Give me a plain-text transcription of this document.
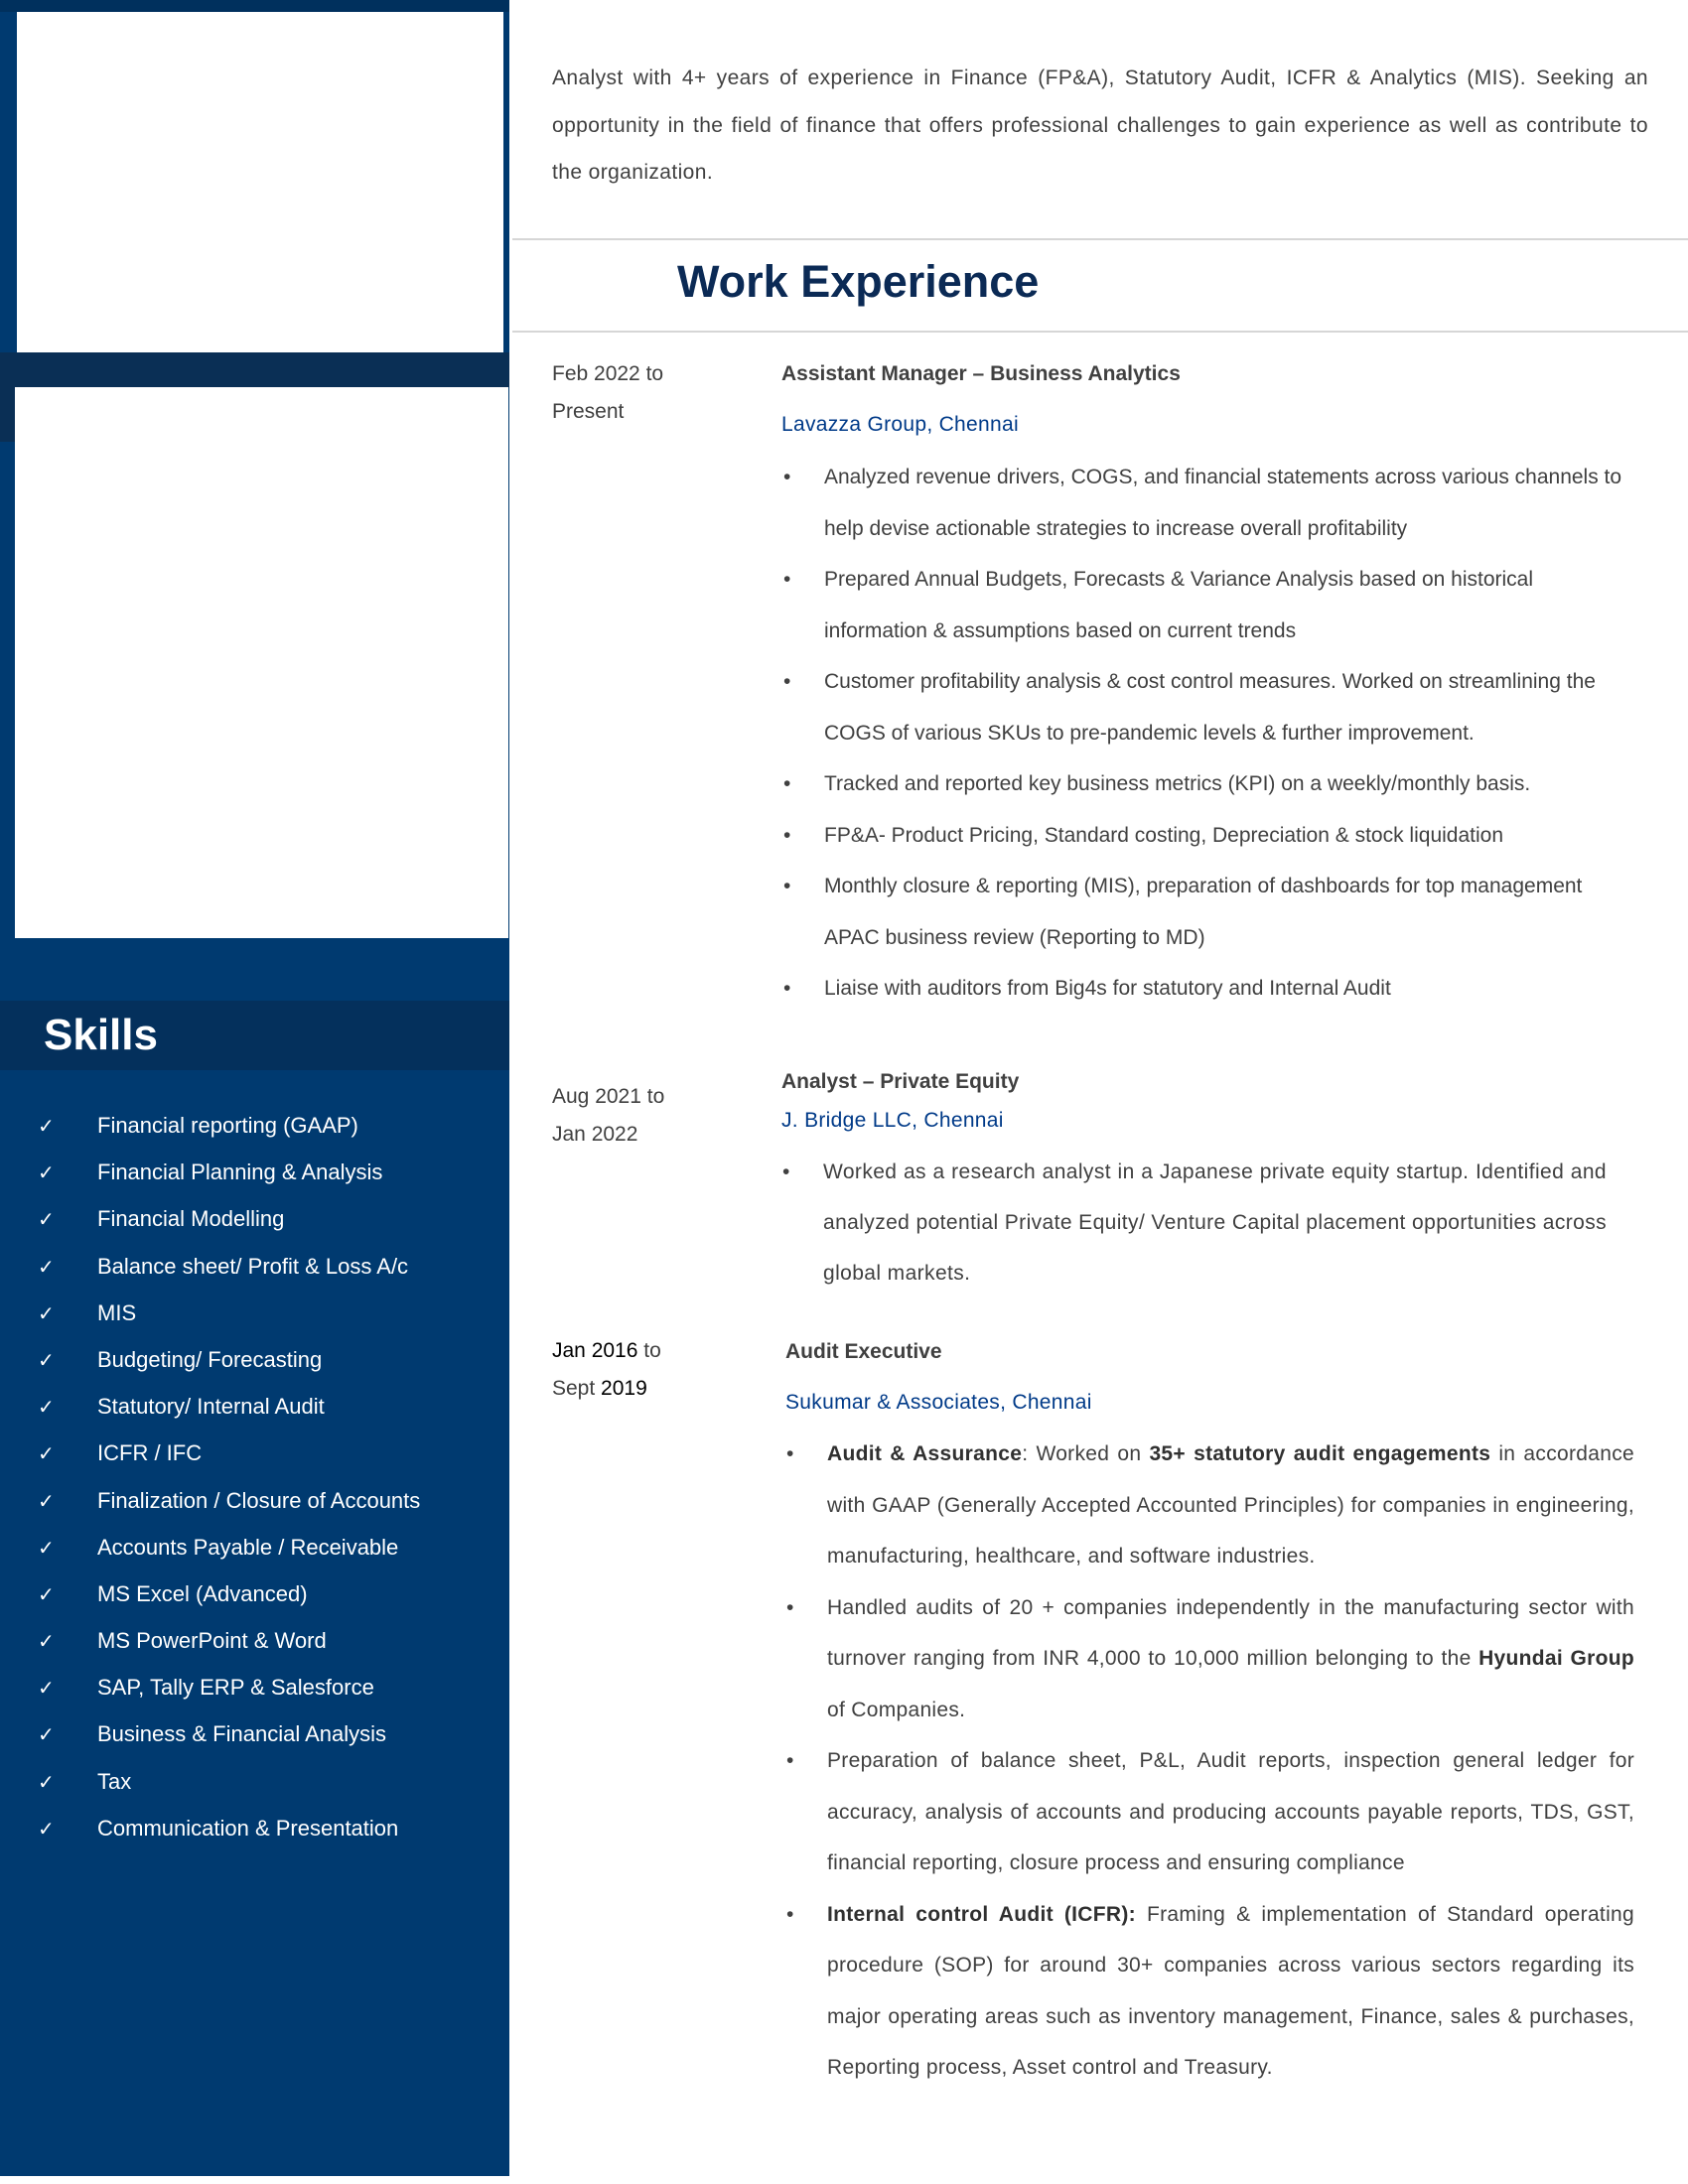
Skills
✓ Financial reporting (GAAP)
✓ Financial Planning & Analysis
✓ Financial Modelling
✓ Balance sheet/ Profit & Loss A/c
✓ MIS
✓ Budgeting/ Forecasting
✓ Statutory/ Internal Audit
✓ ICFR / IFC
✓ Finalization / Closure of Accounts
✓ Accounts Payable / Receivable
✓ MS Excel (Advanced)
✓ MS PowerPoint & Word
✓ SAP, Tally ERP & Salesforce
✓ Business & Financial Analysis
✓ Tax
✓ Communication & Presentation

Analyst with 4+ years of experience in Finance (FP&A), Statutory Audit, ICFR & Analytics (MIS). Seeking an opportunity in the field of finance that offers professional challenges to gain experience as well as contribute to the organization.

Work Experience
Feb 2022 to
Present
Assistant Manager – Business Analytics
Lavazza Group, Chennai
• Analyzed revenue drivers, COGS, and financial statements across various channels to help devise actionable strategies to increase overall profitability
• Prepared Annual Budgets, Forecasts & Variance Analysis based on historical information & assumptions based on current trends
• Customer profitability analysis & cost control measures. Worked on streamlining the COGS of various SKUs to pre-pandemic levels & further improvement.
• Tracked and reported key business metrics (KPI) on a weekly/monthly basis.
• FP&A- Product Pricing, Standard costing, Depreciation & stock liquidation
• Monthly closure & reporting (MIS), preparation of dashboards for top management APAC business review (Reporting to MD)
• Liaise with auditors from Big4s for statutory and Internal Audit
Aug 2021 to
Jan 2022
Analyst – Private Equity
J. Bridge LLC, Chennai
• Worked as a research analyst in a Japanese private equity startup. Identified and analyzed potential Private Equity/ Venture Capital placement opportunities across global markets.
Jan 2016 to
Sept 2019
Audit Executive
Sukumar & Associates, Chennai
• Audit & Assurance: Worked on 35+ statutory audit engagements in accordance with GAAP (Generally Accepted Accounted Principles) for companies in engineering, manufacturing, healthcare, and software industries.
• Handled audits of 20 + companies independently in the manufacturing sector with turnover ranging from INR 4,000 to 10,000 million belonging to the Hyundai Group of Companies.
• Preparation of balance sheet, P&L, Audit reports, inspection general ledger for accuracy, analysis of accounts and producing accounts payable reports, TDS, GST, financial reporting, closure process and ensuring compliance
• Internal control Audit (ICFR): Framing & implementation of Standard operating procedure (SOP) for around 30+ companies across various sectors regarding its major operating areas such as inventory management, Finance, sales & purchases, Reporting process, Asset control and Treasury.
